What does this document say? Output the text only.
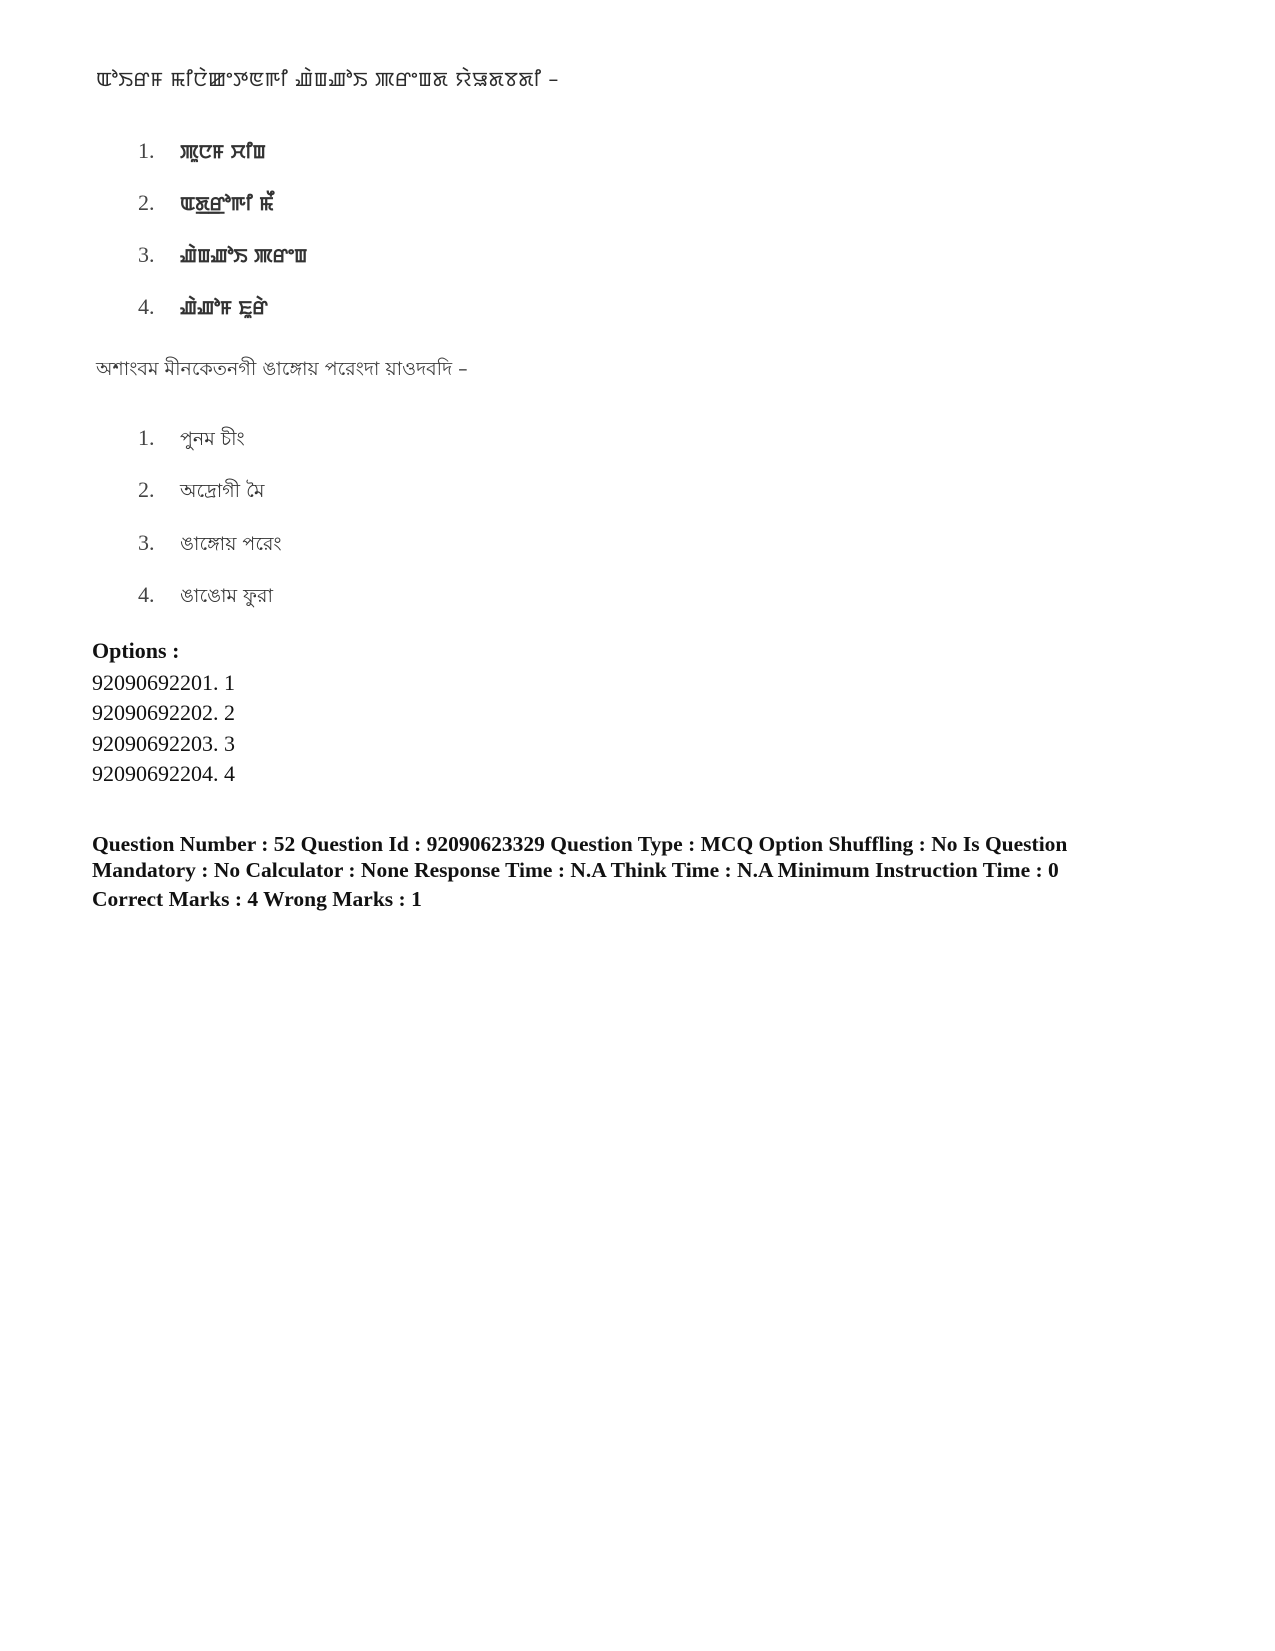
ꯑꯣꯏꯔꯝ ꯃꯤꯅꯥꯀꯦꯇꯟꯒꯤ ꯉꯥꯡꯉꯣꯏ ꯄꯔꯦꯡꯗ ꯌꯥꯎꯗꯕꯗꯤ –
1.	ꯄꯨꯅꯝ ꯆꯤꯡ
2.	ꯑꯗ꯭ꯔꯣꯒꯤ ꯃꯩ
3.	ꯉꯥꯡꯉꯣꯏ ꯄꯔꯦꯡ
4.	ꯉꯥꯉꯣꯝ ꯐꯨꯔꯥ
অশাংবম মীনকেতনগী ঙাঙ্গোয় পরেংদা য়াওদবদি –
1.	পুনম চীং
2.	অদ্রোগী মৈ
3.	ঙাঙ্গোয় পরেং
4.	ঙাঙোম ফুরা
Options :
92090692201. 1
92090692202. 2
92090692203. 3
92090692204. 4
Question Number : 52 Question Id : 92090623329 Question Type : MCQ Option Shuffling : No Is Question
Mandatory : No Calculator : None Response Time : N.A Think Time : N.A Minimum Instruction Time : 0
Correct Marks : 4 Wrong Marks : 1
